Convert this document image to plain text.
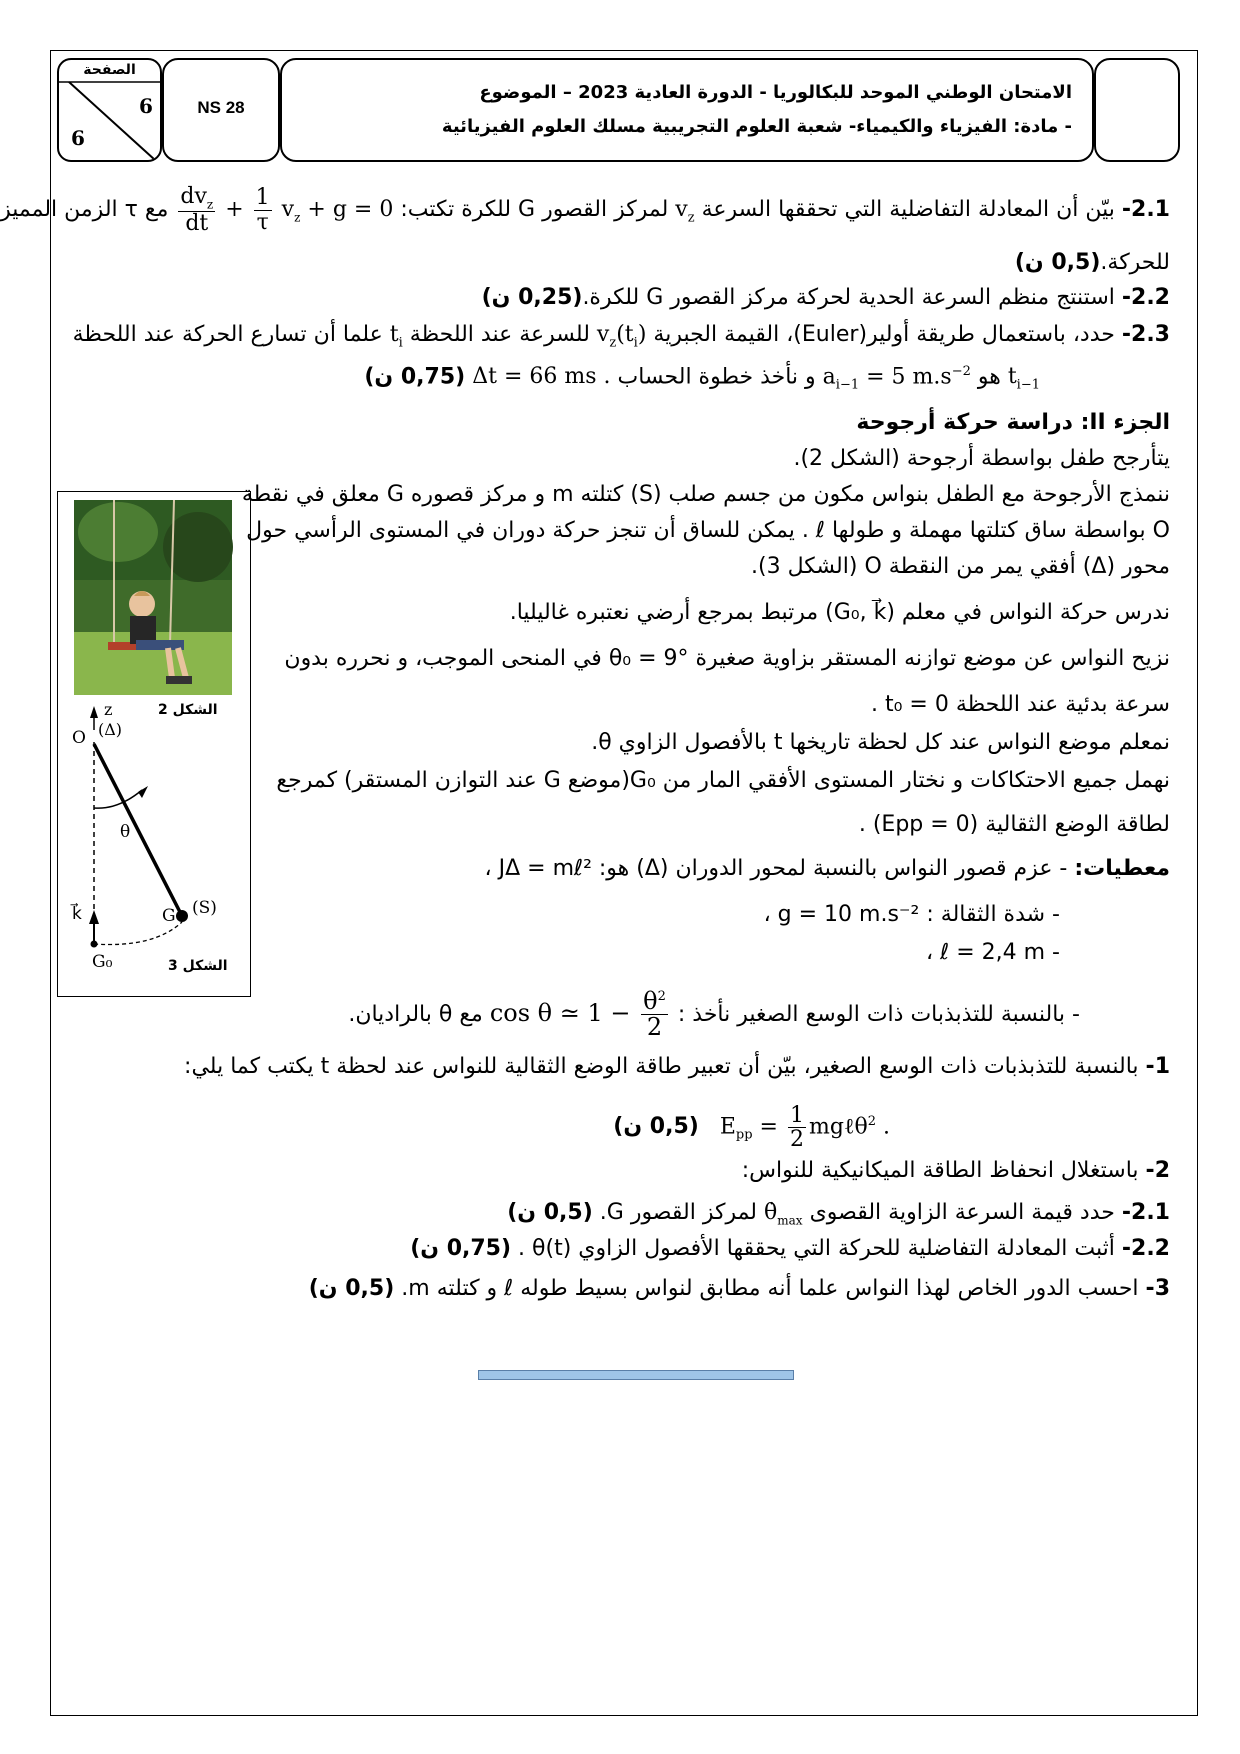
الصفحة
6
6
NS 28
الامتحان الوطني الموحد للبكالوريا - الدورة العادية 2023 – الموضوع
- مادة: الفيزياء والكيمياء- شعبة العلوم التجريبية مسلك العلوم الفيزيائية
2.1- بيّن أن المعادلة التفاضلية التي تحققها السرعة $v_z$ لمركز القصور G للكرة تكتب:
$\frac{dv_z}{dt} + \frac{1}{\tau} v_z + g = 0$ مع τ الزمن المميز
للحركة.(0,5 ن)
2.2- استنتج منظم السرعة الحدية لحركة مركز القصور G للكرة.(0,25 ن)
2.3- حدد، باستعمال طريقة أولير(Euler)، القيمة الجبرية $v_z(t_i)$ للسرعة عند اللحظة $t_i$ علما أن تسارع الحركة عند اللحظة
$t_{i-1}$ هو $a_{i-1} = 5$ $m.s^{-2}$ و نأخذ خطوة الحساب Δt = 66 ms . (0,75 ن)
الجزء II: دراسة حركة أرجوحة
يتأرجح طفل بواسطة أرجوحة (الشكل 2).
ننمذج الأرجوحة مع الطفل بنواس مكون من جسم صلب (S) كتلته m و مركز قصوره G معلق في نقطة
O بواسطة ساق كتلتها مهملة و طولها ℓ . يمكن للساق أن تنجز حركة دوران في المستوى الرأسي حول
محور (Δ) أفقي يمر من النقطة O (الشكل 3).
ندرس حركة النواس في معلم (G₀, k⃗) مرتبط بمرجع أرضي نعتبره غاليليا.
نزيح النواس عن موضع توازنه المستقر بزاوية صغيرة θ₀ = 9° في المنحى الموجب، و نحرره بدون
سرعة بدئية عند اللحظة t₀ = 0 .
نمعلم موضع النواس عند كل لحظة تاريخها t بالأفصول الزاوي θ.
نهمل جميع الاحتكاكات و نختار المستوى الأفقي المار من G₀(موضع G عند التوازن المستقر) كمرجع
لطاقة الوضع الثقالية (Epp = 0) .
معطيات: - عزم قصور النواس بالنسبة لمحور الدوران (Δ) هو: JΔ = mℓ² ،
- شدة الثقالة : g = 10 m.s⁻² ،
- ℓ = 2,4 m ،
- بالنسبة للتذبذبات ذات الوسع الصغير نأخذ : cos θ ≃ $1 - \frac{\theta^2}{2}$
مع θ بالراديان.
1- بالنسبة للتذبذبات ذات الوسع الصغير، بيّن أن تعبير طاقة الوضع الثقالية للنواس عند لحظة t يكتب كما يلي:
$E_{pp} = \frac{1}{2}$ mgℓθ$^2$ . (0,5 ن)
2- باستغلال انحفاظ الطاقة الميكانيكية للنواس:
2.1- حدد قيمة السرعة الزاوية القصوى $\thetȧ_{max}$ لمركز القصور G. (0,5 ن)
2.2- أثبت المعادلة التفاضلية للحركة التي يحققها الأفصول الزاوي θ(t) . (0,75 ن)
3- احسب الدور الخاص لهذا النواس علما أنه مطابق لنواس بسيط طوله ℓ و كتلته m. (0,5 ن)
الشكل 2
الشكل 3
z
O (Δ)
θ
k⃗	G (S)
G₀
